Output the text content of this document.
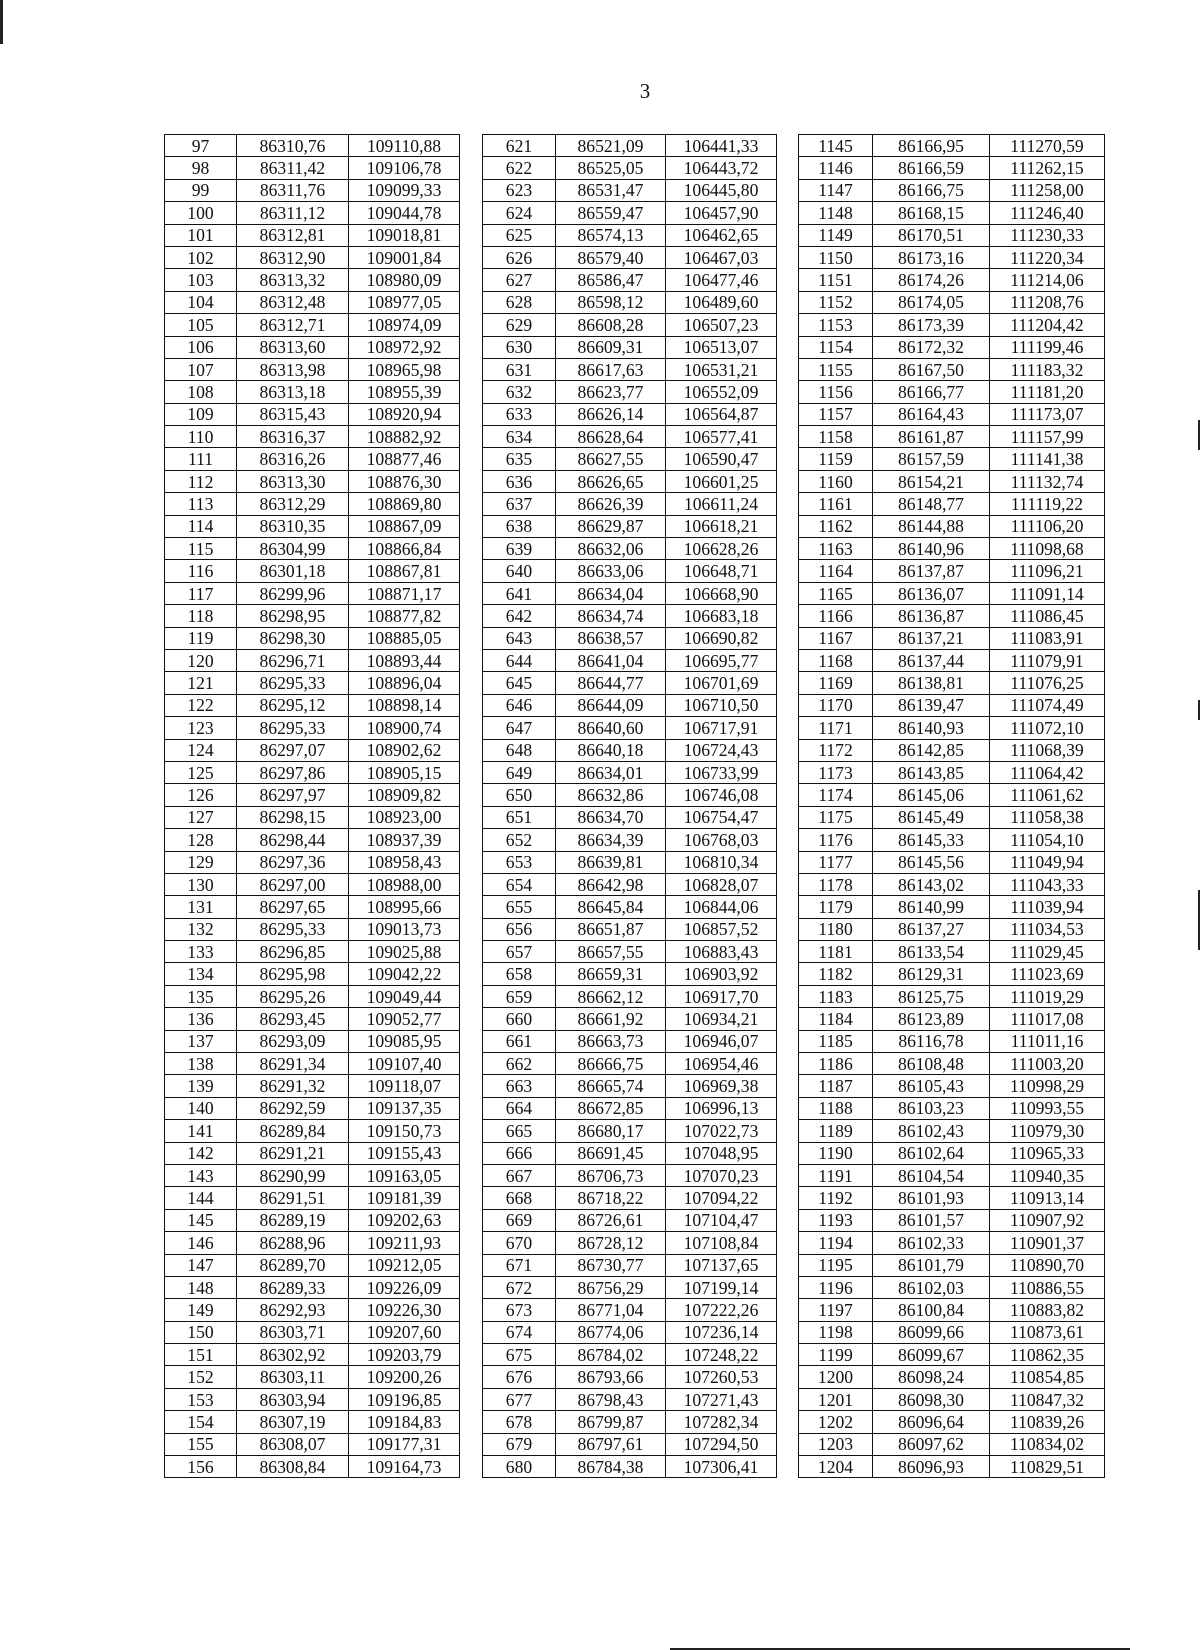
3
97	86310,76	109110,88		621	86521,09	106441,33		1145	86166,95	111270,59
98	86311,42	109106,78		622	86525,05	106443,72		1146	86166,59	111262,15
99	86311,76	109099,33		623	86531,47	106445,80		1147	86166,75	111258,00
100	86311,12	109044,78		624	86559,47	106457,90		1148	86168,15	111246,40
101	86312,81	109018,81		625	86574,13	106462,65		1149	86170,51	111230,33
102	86312,90	109001,84		626	86579,40	106467,03		1150	86173,16	111220,34
103	86313,32	108980,09		627	86586,47	106477,46		1151	86174,26	111214,06
104	86312,48	108977,05		628	86598,12	106489,60		1152	86174,05	111208,76
105	86312,71	108974,09		629	86608,28	106507,23		1153	86173,39	111204,42
106	86313,60	108972,92		630	86609,31	106513,07		1154	86172,32	111199,46
107	86313,98	108965,98		631	86617,63	106531,21		1155	86167,50	111183,32
108	86313,18	108955,39		632	86623,77	106552,09		1156	86166,77	111181,20
109	86315,43	108920,94		633	86626,14	106564,87		1157	86164,43	111173,07
110	86316,37	108882,92		634	86628,64	106577,41		1158	86161,87	111157,99
111	86316,26	108877,46		635	86627,55	106590,47		1159	86157,59	111141,38
112	86313,30	108876,30		636	86626,65	106601,25		1160	86154,21	111132,74
113	86312,29	108869,80		637	86626,39	106611,24		1161	86148,77	111119,22
114	86310,35	108867,09		638	86629,87	106618,21		1162	86144,88	111106,20
115	86304,99	108866,84		639	86632,06	106628,26		1163	86140,96	111098,68
116	86301,18	108867,81		640	86633,06	106648,71		1164	86137,87	111096,21
117	86299,96	108871,17		641	86634,04	106668,90		1165	86136,07	111091,14
118	86298,95	108877,82		642	86634,74	106683,18		1166	86136,87	111086,45
119	86298,30	108885,05		643	86638,57	106690,82		1167	86137,21	111083,91
120	86296,71	108893,44		644	86641,04	106695,77		1168	86137,44	111079,91
121	86295,33	108896,04		645	86644,77	106701,69		1169	86138,81	111076,25
122	86295,12	108898,14		646	86644,09	106710,50		1170	86139,47	111074,49
123	86295,33	108900,74		647	86640,60	106717,91		1171	86140,93	111072,10
124	86297,07	108902,62		648	86640,18	106724,43		1172	86142,85	111068,39
125	86297,86	108905,15		649	86634,01	106733,99		1173	86143,85	111064,42
126	86297,97	108909,82		650	86632,86	106746,08		1174	86145,06	111061,62
127	86298,15	108923,00		651	86634,70	106754,47		1175	86145,49	111058,38
128	86298,44	108937,39		652	86634,39	106768,03		1176	86145,33	111054,10
129	86297,36	108958,43		653	86639,81	106810,34		1177	86145,56	111049,94
130	86297,00	108988,00		654	86642,98	106828,07		1178	86143,02	111043,33
131	86297,65	108995,66		655	86645,84	106844,06		1179	86140,99	111039,94
132	86295,33	109013,73		656	86651,87	106857,52		1180	86137,27	111034,53
133	86296,85	109025,88		657	86657,55	106883,43		1181	86133,54	111029,45
134	86295,98	109042,22		658	86659,31	106903,92		1182	86129,31	111023,69
135	86295,26	109049,44		659	86662,12	106917,70		1183	86125,75	111019,29
136	86293,45	109052,77		660	86661,92	106934,21		1184	86123,89	111017,08
137	86293,09	109085,95		661	86663,73	106946,07		1185	86116,78	111011,16
138	86291,34	109107,40		662	86666,75	106954,46		1186	86108,48	111003,20
139	86291,32	109118,07		663	86665,74	106969,38		1187	86105,43	110998,29
140	86292,59	109137,35		664	86672,85	106996,13		1188	86103,23	110993,55
141	86289,84	109150,73		665	86680,17	107022,73		1189	86102,43	110979,30
142	86291,21	109155,43		666	86691,45	107048,95		1190	86102,64	110965,33
143	86290,99	109163,05		667	86706,73	107070,23		1191	86104,54	110940,35
144	86291,51	109181,39		668	86718,22	107094,22		1192	86101,93	110913,14
145	86289,19	109202,63		669	86726,61	107104,47		1193	86101,57	110907,92
146	86288,96	109211,93		670	86728,12	107108,84		1194	86102,33	110901,37
147	86289,70	109212,05		671	86730,77	107137,65		1195	86101,79	110890,70
148	86289,33	109226,09		672	86756,29	107199,14		1196	86102,03	110886,55
149	86292,93	109226,30		673	86771,04	107222,26		1197	86100,84	110883,82
150	86303,71	109207,60		674	86774,06	107236,14		1198	86099,66	110873,61
151	86302,92	109203,79		675	86784,02	107248,22		1199	86099,67	110862,35
152	86303,11	109200,26		676	86793,66	107260,53		1200	86098,24	110854,85
153	86303,94	109196,85		677	86798,43	107271,43		1201	86098,30	110847,32
154	86307,19	109184,83		678	86799,87	107282,34		1202	86096,64	110839,26
155	86308,07	109177,31		679	86797,61	107294,50		1203	86097,62	110834,02
156	86308,84	109164,73		680	86784,38	107306,41		1204	86096,93	110829,51
